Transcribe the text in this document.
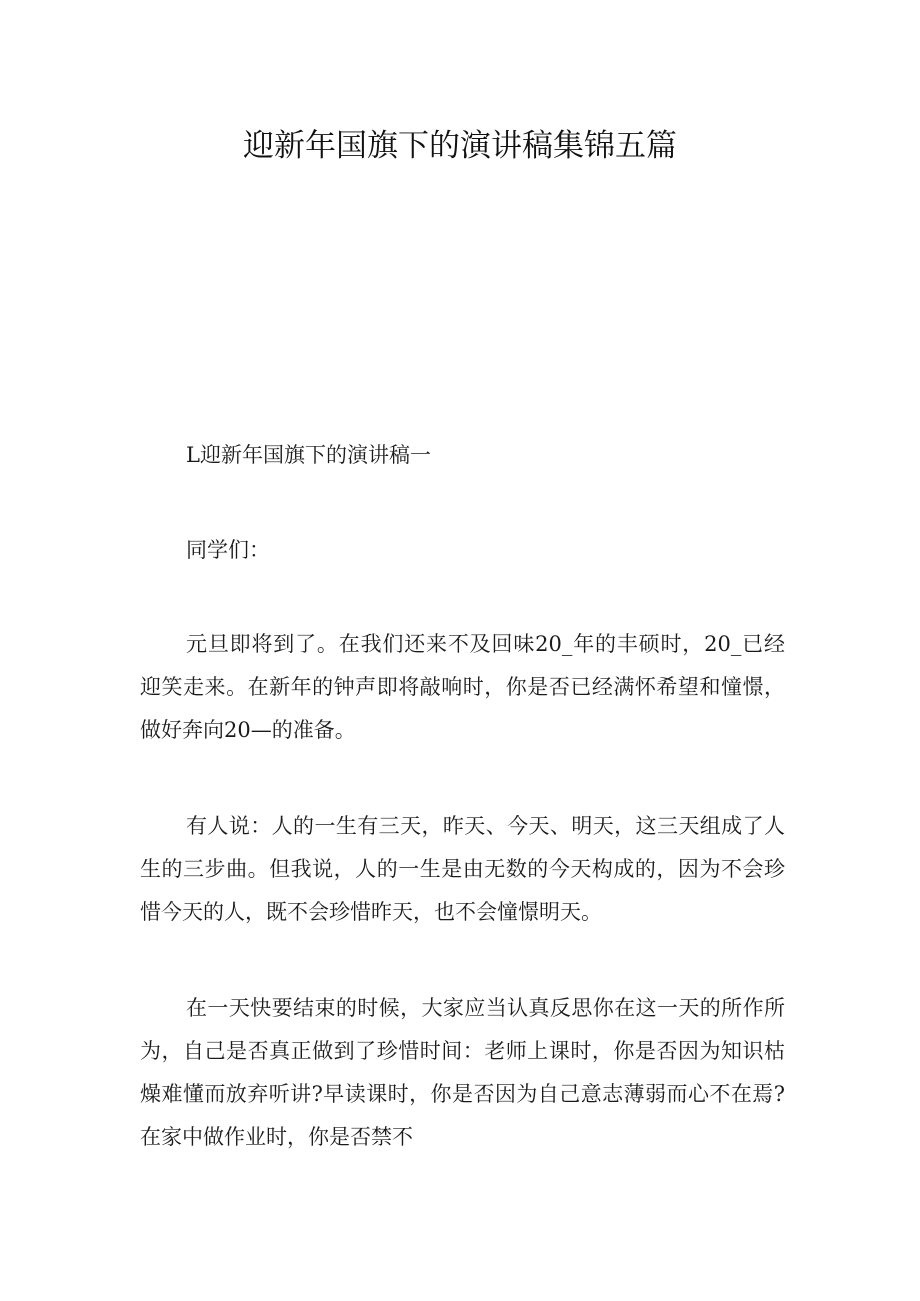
迎新年国旗下的演讲稿集锦五篇

L迎新年国旗下的演讲稿一

同学们：

元旦即将到了。在我们还来不及回味20_年的丰硕时，20_已经迎笑走来。在新年的钟声即将敲响时，你是否已经满怀希望和憧憬，做好奔向20—的准备。

有人说：人的一生有三天，昨天、今天、明天，这三天组成了人生的三步曲。但我说，人的一生是由无数的今天构成的，因为不会珍惜今天的人，既不会珍惜昨天，也不会憧憬明天。

在一天快要结束的时候，大家应当认真反思你在这一天的所作所为，自己是否真正做到了珍惜时间：老师上课时，你是否因为知识枯燥难懂而放弃听讲?早读课时，你是否因为自己意志薄弱而心不在焉?在家中做作业时，你是否禁不
